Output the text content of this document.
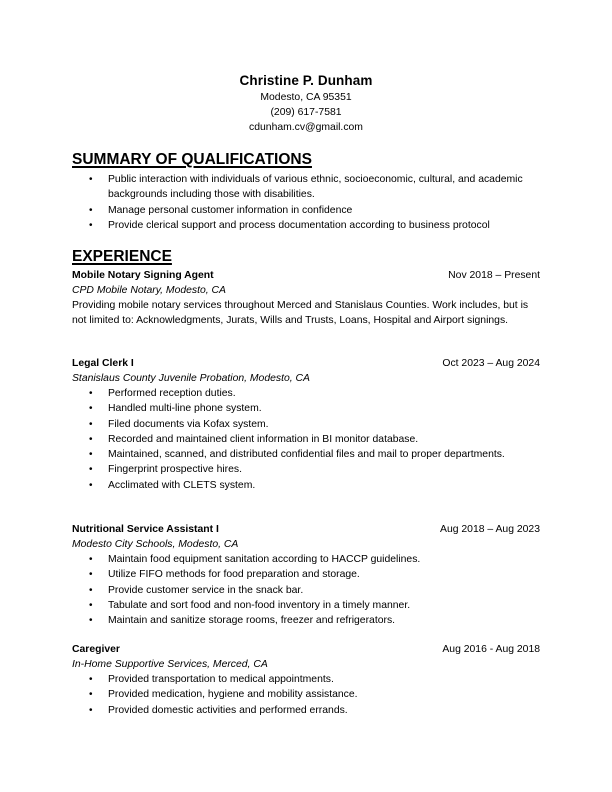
Christine P. Dunham
Modesto, CA 95351
(209) 617-7581
cdunham.cv@gmail.com
SUMMARY OF QUALIFICATIONS
• Public interaction with individuals of various ethnic, socioeconomic, cultural, and academic backgrounds including those with disabilities.
• Manage personal customer information in confidence
• Provide clerical support and process documentation according to business protocol
EXPERIENCE
Mobile Notary Signing Agent	Nov 2018 – Present
CPD Mobile Notary, Modesto, CA
Providing mobile notary services throughout Merced and Stanislaus Counties. Work includes, but is not limited to: Acknowledgments, Jurats, Wills and Trusts, Loans, Hospital and Airport signings.
Legal Clerk I	Oct 2023 – Aug 2024
Stanislaus County Juvenile Probation, Modesto, CA
• Performed reception duties.
• Handled multi-line phone system.
• Filed documents via Kofax system.
• Recorded and maintained client information in BI monitor database.
• Maintained, scanned, and distributed confidential files and mail to proper departments.
• Fingerprint prospective hires.
• Acclimated with CLETS system.
Nutritional Service Assistant I	Aug 2018 – Aug 2023
Modesto City Schools, Modesto, CA
• Maintain food equipment sanitation according to HACCP guidelines.
• Utilize FIFO methods for food preparation and storage.
• Provide customer service in the snack bar.
• Tabulate and sort food and non-food inventory in a timely manner.
• Maintain and sanitize storage rooms, freezer and refrigerators.
Caregiver	Aug 2016 - Aug 2018
In-Home Supportive Services, Merced, CA
• Provided transportation to medical appointments.
• Provided medication, hygiene and mobility assistance.
• Provided domestic activities and performed errands.
